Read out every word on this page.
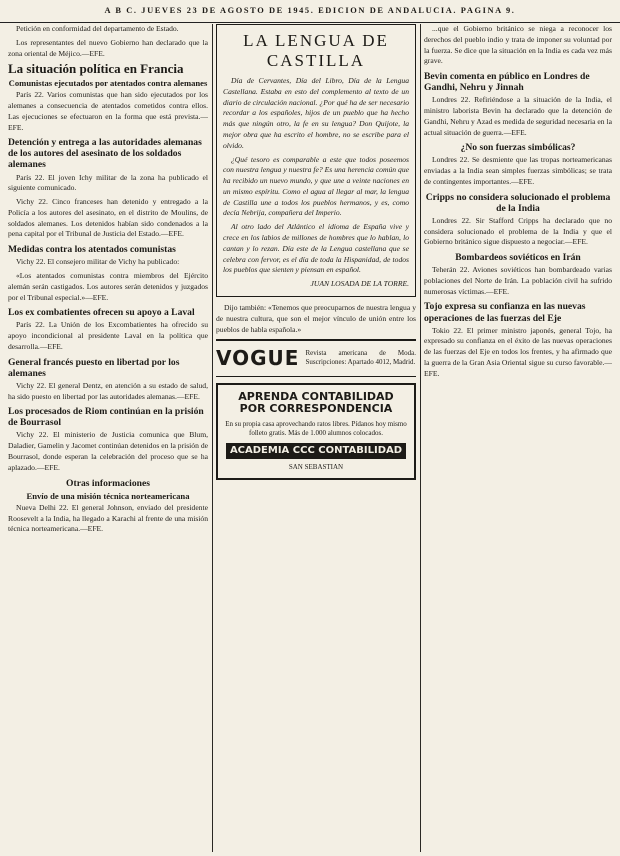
A B C. JUEVES 23 DE AGOSTO DE 1945. EDICION DE ANDALUCIA. PAGINA 9.

Petición en conformidad del departamento de Estado.

Los representantes del nuevo Gobierno han declarado que la zona oriental de Méjico.—EFE.

La situación política en Francia
Comunistas ejecutados por atentados contra alemanes

París 22. Varios comunistas que han sido ejecutados por los alemanes a consecuencia de atentados cometidos contra ellos. Las ejecuciones se efectuaron en la forma que está prevista.—EFE.

Detención y entrega a las autoridades alemanas de los autores del asesinato de los soldados alemanes

París 22. El joven Ichy militar de la zona ha publicado el siguiente comunicado.

Vichy 22. Cinco franceses han detenido y entregado a la Policía a los autores del asesinato, en el distrito de Moulins, de soldados alemanes. Los detenidos habían sido condenados a la pena capital por el Tribunal de Justicia del Estado.—EFE.

Medidas contra los atentados comunistas

Vichy 22. El consejero militar de Vichy ha publicado:

«Los atentados comunistas contra miembros del Ejército alemán serán castigados. Los autores serán detenidos y juzgados por el Tribunal especial.»—EFE.

Los ex combatientes ofrecen su apoyo a Laval

París 22. La Unión de los Excombatientes ha ofrecido su apoyo incondicional al presidente Laval en la política que desarrolla.—EFE.

General francés puesto en libertad por los alemanes

Vichy 22. El general Dentz, en atención a su estado de salud, ha sido puesto en libertad por las autoridades alemanas.—EFE.

Los procesados de Riom continúan en la prisión de Bourrasol

Vichy 22. El ministerio de Justicia comunica que Blum, Daladier, Gamelin y Jacomet continúan detenidos en la prisión de Bourrasol, donde esperan la celebración del proceso que se ha aplazado.—EFE.

Otras informaciones
Envío de una misión técnica norteamericana

Nueva Delhi 22. El general Johnson, enviado del presidente Roosevelt a la India, ha llegado a Karachi al frente de una misión técnica norteamericana.—EFE.

LA LENGUA DE CASTILLA

Día de Cervantes, Día del Libro, Día de la Lengua Castellana. Estaba en esto del complemento al texto de un diario de circulación nacional. ¿Por qué ha de ser necesario recordar a los españoles, hijos de un pueblo que ha hecho más que ningún otro, la fe en su lengua? Don Quijote, la mejor obra que ha escrito el hombre, no se escribe para el olvido.

¿Qué tesoro es comparable a este que todos poseemos con nuestra lengua y nuestra fe? Es una herencia común que ha recibido un nuevo mundo, y que une a veinte naciones en un mismo espíritu. Como el agua al llegar al mar, la lengua de Castilla une a todos los pueblos hermanos, y es, como decía Nebrija, compañera del Imperio.

Al otro lado del Atlántico el idioma de España vive y crece en los labios de millones de hombres que lo hablan, lo cantan y lo rezan. Día este de la Lengua castellana que se celebra con fervor, es el día de toda la Hispanidad, de todos los pueblos que sienten y piensan en español.

JUAN LOSADA DE LA TORRE.

Dijo también: «Tenemos que preocuparnos de nuestra lengua y de nuestra cultura, que son el mejor vínculo de unión entre los pueblos de habla española.»

VOGUE Revista americana de Moda. Suscripciones: Apartado 4012, Madrid.
APRENDA CONTABILIDAD
POR CORRESPONDENCIA
En su propia casa aprovechando ratos libres. Pídanos hoy mismo folleto gratis. Más de 1.000 alumnos colocados.
ACADEMIA CCC CONTABILIDAD
SAN SEBASTIAN

...que el Gobierno británico se niega a reconocer los derechos del pueblo indio y trata de imponer su voluntad por la fuerza. Se dice que la situación en la India es cada vez más grave.

Bevin comenta en público en Londres de Gandhi, Nehru y Jinnah

Londres 22. Refiriéndose a la situación de la India, el ministro laborista Bevin ha declarado que la detención de Gandhi, Nehru y Azad es medida de seguridad necesaria en la actual situación de guerra.—EFE.

¿No son fuerzas simbólicas?

Londres 22. Se desmiente que las tropas norteamericanas enviadas a la India sean simples fuerzas simbólicas; se trata de contingentes importantes.—EFE.

Cripps no considera solucionado el problema de la India

Londres 22. Sir Stafford Cripps ha declarado que no considera solucionado el problema de la India y que el Gobierno británico sigue dispuesto a negociar.—EFE.

Bombardeos soviéticos en Irán

Teherán 22. Aviones soviéticos han bombardeado varias poblaciones del Norte de Irán. La población civil ha sufrido numerosas víctimas.—EFE.

Tojo expresa su confianza en las nuevas operaciones de las fuerzas del Eje

Tokio 22. El primer ministro japonés, general Tojo, ha expresado su confianza en el éxito de las nuevas operaciones de las fuerzas del Eje en todos los frentes, y ha afirmado que la guerra de la Gran Asia Oriental sigue su curso favorable.—EFE.
